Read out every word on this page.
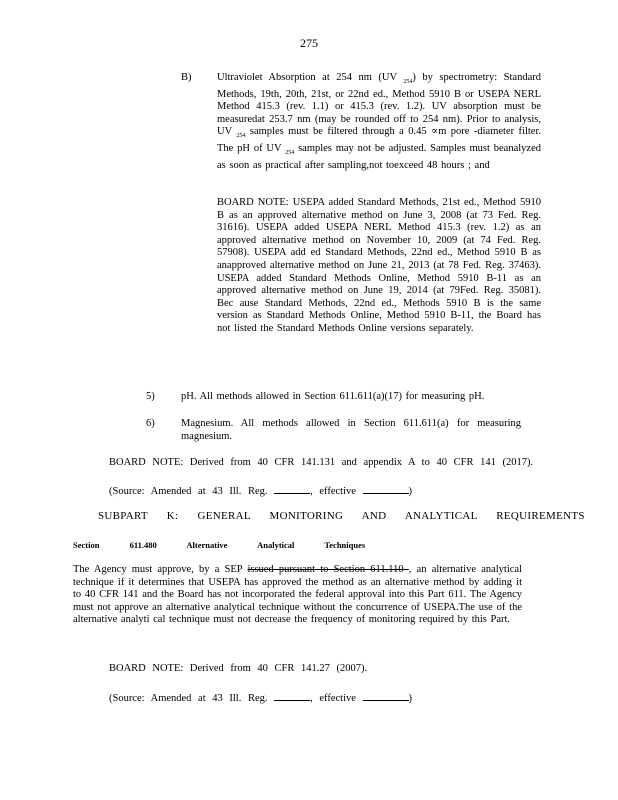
275
B) Ultraviolet Absorption at 254 nm (UV $_{254}$) by spectrometry: Standard Methods, 19th, 20th, 21st, or 22nd ed., Method 5910 B or USEPA NERL Method 415.3 (rev. 1.1) or 415.3 (rev. 1.2). UV absorption must be measuredat 253.7 nm (may be rounded off to 254 nm). Prior to analysis, UV $_{254}$ samples must be filtered through a 0.45 ∝m pore -diameter filter. The pH of UV $_{254}$ samples may not be adjusted. Samples must beanalyzed as soon as practical after sampling,not toexceed 48 hours ; and
BOARD NOTE: USEPA added Standard Methods, 21st ed., Method 5910 B as an approved alternative method on June 3, 2008 (at 73 Fed. Reg. 31616). USEPA added USEPA NERL Method 415.3 (rev. 1.2) as an approved alternative method on November 10, 2009 (at 74 Fed. Reg. 57908). USEPA add ed Standard Methods, 22nd ed., Method 5910 B as anapproved alternative method on June 21, 2013 (at 78 Fed. Reg. 37463). USEPA added Standard Methods Online, Method 5910 B-11 as an approved alternative method on June 19, 2014 (at 79Fed. Reg. 35081). Bec ause Standard Methods, 22nd ed., Methods 5910 B is the same version as Standard Methods Online, Method 5910 B-11, the Board has not listed the Standard Methods Online versions separately.
5)	pH. All methods allowed in Section 611.611(a)(17) for measuring pH.
6)	Magnesium. All methods allowed in Section 611.611(a) for measuring magnesium.
BOARD NOTE: Derived from 40 CFR 141.131 and appendix A to 40 CFR 141 (2017).
(Source: Amended at 43 Ill. Reg.	, effective	)
SUBPART K: GENERAL MONITORING AND ANALYTICAL REQUIREMENTS
Section 611.480 Alternative Analytical Techniques
The Agency must approve, by a SEP issued pursuant to Section 611.110 , an alternative analytical technique if it determines that USEPA has approved the method as an alternative method by adding it to 40 CFR 141 and the Board has not incorporated the federal approval into this Part 611. The Agency must not approve an alternative analytical technique without the concurrence of USEPA.The use of the alternative analyti cal technique must not decrease the frequency of monitoring required by this Part.
BOARD NOTE: Derived from 40 CFR 141.27 (2007).
(Source: Amended at 43 Ill. Reg.	, effective	)
